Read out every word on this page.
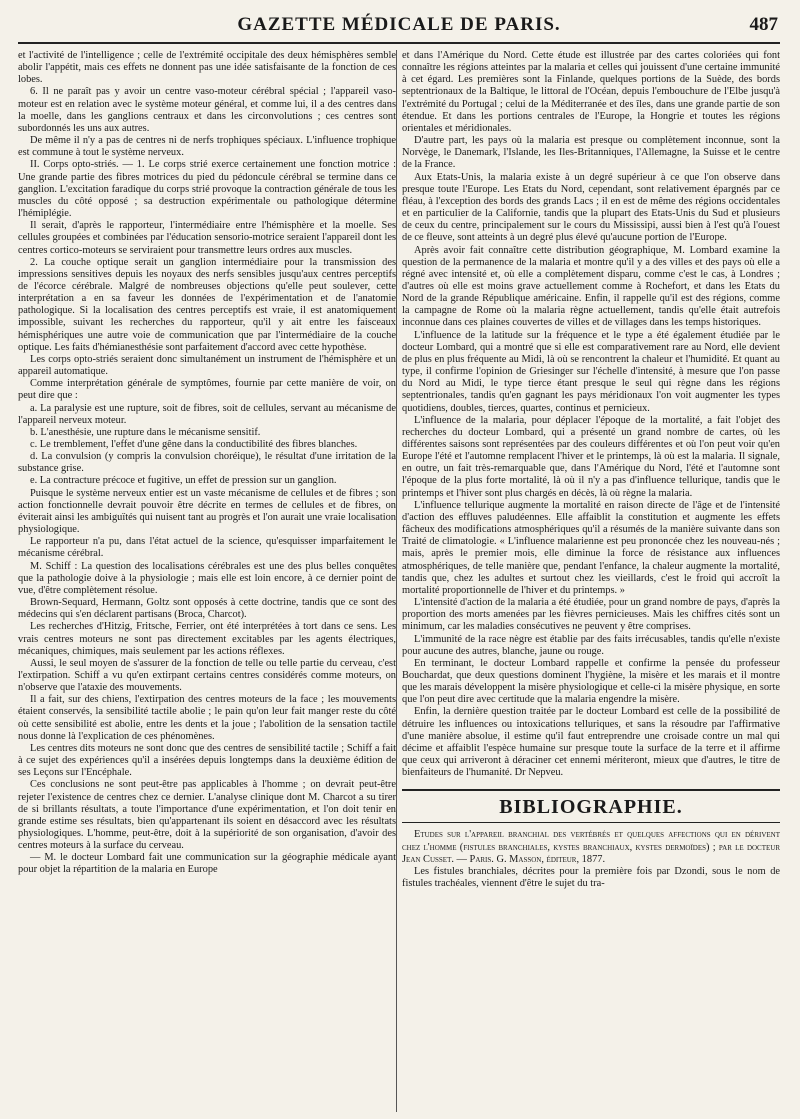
GAZETTE MÉDICALE DE PARIS.	487

et l'activité de l'intelligence ; celle de l'extrémité occipitale des deux hémisphères semble abolir l'appétit, mais ces effets ne donnent pas une idée satisfaisante de la fonction de ces lobes.

6. Il ne paraît pas y avoir un centre vaso-moteur cérébral spécial ; l'appareil vaso-moteur est en relation avec le système moteur général, et comme lui, il a des centres dans la moelle, dans les ganglions centraux et dans les circonvolutions ; ces centres sont subordonnés les uns aux autres.

De même il n'y a pas de centres ni de nerfs trophiques spéciaux. L'influence trophique est commune à tout le système nerveux.

II. Corps opto-striés. — 1. Le corps strié exerce certainement une fonction motrice : Une grande partie des fibres motrices du pied du pédoncule cérébral se termine dans ce ganglion. L'excitation faradique du corps strié provoque la contraction générale de tous les muscles du côté opposé ; sa destruction expérimentale ou pathologique détermine l'hémiplégie.

Il serait, d'après le rapporteur, l'intermédiaire entre l'hémisphère et la moelle. Ses cellules groupées et combinées par l'éducation sensorio-motrice seraient l'appareil dont les centres cortico-moteurs se serviraient pour transmettre leurs ordres aux muscles.

2. La couche optique serait un ganglion intermédiaire pour la transmission des impressions sensitives depuis les noyaux des nerfs sensibles jusqu'aux centres perceptifs de l'écorce cérébrale. Malgré de nombreuses objections qu'elle peut soulever, cette interprétation a en sa faveur les données de l'expérimentation et de l'anatomie pathologique. Si la localisation des centres perceptifs est vraie, il est anatomiquement impossible, suivant les recherches du rapporteur, qu'il y ait entre les faisceaux hémisphériques une autre voie de communication que par l'intermédiaire de la couche optique. Les faits d'hémianesthésie sont parfaitement d'accord avec cette hypothèse.

Les corps opto-striés seraient donc simultanément un instrument de l'hémisphère et un appareil automatique.

Comme interprétation générale de symptômes, fournie par cette manière de voir, on peut dire que :

a. La paralysie est une rupture, soit de fibres, soit de cellules, servant au mécanisme de l'appareil nerveux moteur.

b. L'anesthésie, une rupture dans le mécanisme sensitif.

c. Le tremblement, l'effet d'une gêne dans la conductibilité des fibres blanches.

d. La convulsion (y compris la convulsion choréique), le résultat d'une irritation de la substance grise.

e. La contracture précoce et fugitive, un effet de pression sur un ganglion.

Puisque le système nerveux entier est un vaste mécanisme de cellules et de fibres ; son action fonctionnelle devrait pouvoir être décrite en termes de cellules et de fibres, on éviterait ainsi les ambiguïtés qui nuisent tant au progrès et l'on aurait une vraie localisation physiologique.

Le rapporteur n'a pu, dans l'état actuel de la science, qu'esquisser imparfaitement le mécanisme cérébral.

M. Schiff : La question des localisations cérébrales est une des plus belles conquêtes que la pathologie doive à la physiologie ; mais elle est loin encore, à ce dernier point de vue, d'être complètement résolue.

Brown-Sequard, Hermann, Goltz sont opposés à cette doctrine, tandis que ce sont des médecins qui s'en déclarent partisans (Broca, Charcot).

Les recherches d'Hitzig, Fritsche, Ferrier, ont été interprétées à tort dans ce sens. Les vrais centres moteurs ne sont pas directement excitables par les agents électriques, mécaniques, chimiques, mais seulement par les actions réflexes.

Aussi, le seul moyen de s'assurer de la fonction de telle ou telle partie du cerveau, c'est l'extirpation. Schiff a vu qu'en extirpant certains centres considérés comme moteurs, on n'observe que l'ataxie des mouvements.

Il a fait, sur des chiens, l'extirpation des centres moteurs de la face ; les mouvements étaient conservés, la sensibilité tactile abolie ; le pain qu'on leur fait manger reste du côté où cette sensibilité est abolie, entre les dents et la joue ; l'abolition de la sensation tactile nous donne là l'explication de ces phénomènes.

Les centres dits moteurs ne sont donc que des centres de sensibilité tactile ; Schiff a fait à ce sujet des expériences qu'il a insérées depuis longtemps dans la deuxième édition de ses Leçons sur l'Encéphale.

Ces conclusions ne sont peut-être pas applicables à l'homme ; on devrait peut-être rejeter l'existence de centres chez ce dernier. L'analyse clinique dont M. Charcot a su tirer de si brillants résultats, a toute l'importance d'une expérimentation, et l'on doit tenir en grande estime ses résultats, bien qu'appartenant ils soient en désaccord avec les résultats physiologiques. L'homme, peut-être, doit à la supériorité de son organisation, d'avoir des centres moteurs à la surface du cerveau.

— M. le docteur Lombard fait une communication sur la géographie médicale ayant pour objet la répartition de la malaria en Europe

et dans l'Amérique du Nord. Cette étude est illustrée par des cartes coloriées qui font connaître les régions atteintes par la malaria et celles qui jouissent d'une certaine immunité à cet égard. Les premières sont la Finlande, quelques portions de la Suède, des bords septentrionaux de la Baltique, le littoral de l'Océan, depuis l'embouchure de l'Elbe jusqu'à l'extrémité du Portugal ; celui de la Méditerranée et des îles, dans une grande partie de son étendue. Et dans les portions centrales de l'Europe, la Hongrie et toutes les régions orientales et méridionales.

D'autre part, les pays où la malaria est presque ou complètement inconnue, sont la Norvège, le Danemark, l'Islande, les Iles-Britanniques, l'Allemagne, la Suisse et le centre de la France.

Aux Etats-Unis, la malaria existe à un degré supérieur à ce que l'on observe dans presque toute l'Europe. Les Etats du Nord, cependant, sont relativement épargnés par ce fléau, à l'exception des bords des grands Lacs ; il en est de même des régions occidentales et en particulier de la Californie, tandis que la plupart des Etats-Unis du Sud et plusieurs de ceux du centre, principalement sur le cours du Mississipi, aussi bien à l'est qu'à l'ouest de ce fleuve, sont atteints à un degré plus élevé qu'aucune portion de l'Europe.

Après avoir fait connaître cette distribution géographique, M. Lombard examine la question de la permanence de la malaria et montre qu'il y a des villes et des pays où elle a régné avec intensité et, où elle a complètement disparu, comme c'est le cas, à Londres ; d'autres où elle est moins grave actuellement comme à Rochefort, et dans les Etats du Nord de la grande République américaine. Enfin, il rappelle qu'il est des régions, comme la campagne de Rome où la malaria règne actuellement, tandis qu'elle était autrefois inconnue dans ces plaines couvertes de villes et de villages dans les temps historiques.

L'influence de la latitude sur la fréquence et le type a été également étudiée par le docteur Lombard, qui a montré que si elle est comparativement rare au Nord, elle devient de plus en plus fréquente au Midi, là où se rencontrent la chaleur et l'humidité. Et quant au type, il confirme l'opinion de Griesinger sur l'échelle d'intensité, à mesure que l'on passe du Nord au Midi, le type tierce étant presque le seul qui règne dans les régions septentrionales, tandis qu'en gagnant les pays méridionaux l'on voit augmenter les types quotidiens, doubles, tierces, quartes, continus et pernicieux.

L'influence de la malaria, pour déplacer l'époque de la mortalité, a fait l'objet des recherches du docteur Lombard, qui a présenté un grand nombre de cartes, où les différentes saisons sont représentées par des couleurs différentes et où l'on peut voir qu'en Europe l'été et l'automne remplacent l'hiver et le printemps, là où est la malaria. Il signale, en outre, un fait très-remarquable que, dans l'Amérique du Nord, l'été et l'automne sont l'époque de la plus forte mortalité, là où il n'y a pas d'influence tellurique, tandis que le printemps et l'hiver sont plus chargés en décès, là où règne la malaria.

L'influence tellurique augmente la mortalité en raison directe de l'âge et de l'intensité d'action des effluves paludéennes. Elle affaiblit la constitution et augmente les effets fâcheux des modifications atmosphériques qu'il a résumés de la manière suivante dans son Traité de climatologie. « L'influence malarienne est peu prononcée chez les nouveau-nés ; mais, après le premier mois, elle diminue la force de résistance aux influences atmosphériques, de telle manière que, pendant l'enfance, la chaleur augmente la mortalité, tandis que, chez les adultes et surtout chez les vieillards, c'est le froid qui accroît la mortalité proportionnelle de l'hiver et du printemps. »

L'intensité d'action de la malaria a été étudiée, pour un grand nombre de pays, d'après la proportion des morts amenées par les fièvres pernicieuses. Mais les chiffres cités sont un minimum, car les maladies consécutives ne peuvent y être comprises.

L'immunité de la race nègre est établie par des faits irrécusables, tandis qu'elle n'existe pour aucune des autres, blanche, jaune ou rouge.

En terminant, le docteur Lombard rappelle et confirme la pensée du professeur Bouchardat, que deux questions dominent l'hygiène, la misère et les marais et il montre que les marais développent la misère physiologique et celle-ci la misère physique, en sorte que l'on peut dire avec certitude que la malaria engendre la misère.

Enfin, la dernière question traitée par le docteur Lombard est celle de la possibilité de détruire les influences ou intoxications telluriques, et sans la résoudre par l'affirmative d'une manière absolue, il estime qu'il faut entreprendre une croisade contre un mal qui décime et affaiblit l'espèce humaine sur presque toute la surface de la terre et il affirme que ceux qui arriveront à déraciner cet ennemi mériteront, mieux que d'autres, le titre de bienfaiteurs de l'humanité. Dr Nepveu.

BIBLIOGRAPHIE.

Etudes sur l'appareil branchial des vertébrés et quelques affections qui en dérivent chez l'homme (fistules branchiales, kystes branchiaux, kystes dermoïdes) ; par le docteur Jean Cusset. — Paris. G. Masson, éditeur, 1877.

Les fistules branchiales, décrites pour la première fois par Dzondi, sous le nom de fistules trachéales, viennent d'être le sujet du tra-
